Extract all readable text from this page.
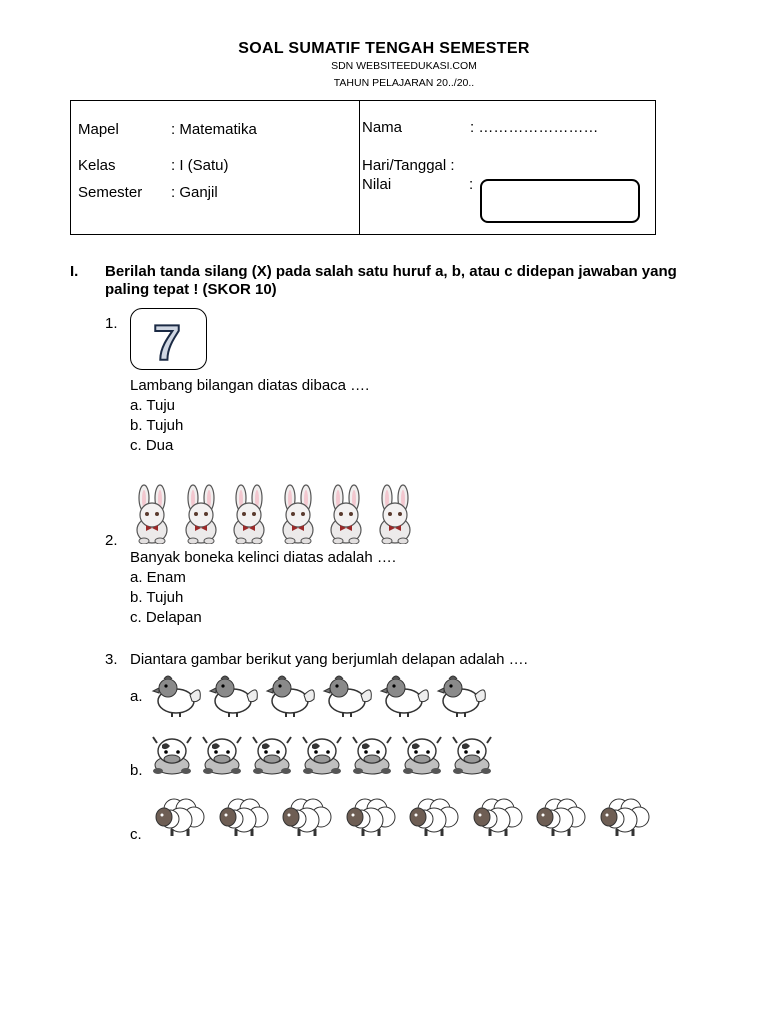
SOAL SUMATIF TENGAH SEMESTER
SDN WEBSITEEDUKASI.COM
TAHUN PELAJARAN 20../20..
Mapel	: Matematika
Kelas	: I (Satu)
Semester : Ganjil
Nama	: ……………………
Hari/Tanggal :
Nilai	:
I. Berilah tanda silang (X) pada salah satu huruf a, b, atau c didepan jawaban yang paling tepat ! (SKOR 10)
1. 7
Lambang bilangan diatas dibaca ….
a. Tuju
b. Tujuh
c. Dua
2.
Banyak boneka kelinci diatas adalah ….
a. Enam
b. Tujuh
c. Delapan
3. Diantara gambar berikut yang berjumlah delapan adalah ….
a.
b.
c.
